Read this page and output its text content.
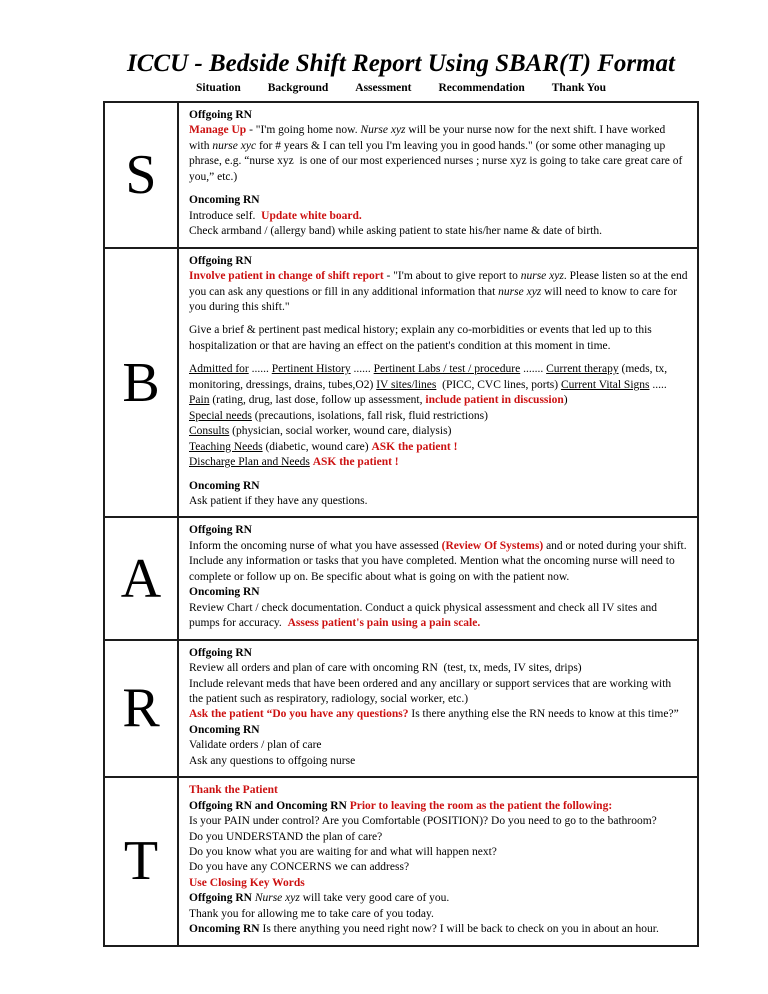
ICCU - Bedside Shift Report Using SBAR(T) Format
Situation Background Assessment Recommendation Thank You
S	Offgoing RN
Manage Up - "I'm going home now. Nurse xyz will be your nurse now for the next shift. I have worked with nurse xyc for # years & I can tell you I'm leaving you in good hands." (or some other managing up phrase, e.g. “nurse xyz  is one of our most experienced nurses ; nurse xyz is going to take care great care of you,” etc.)
Oncoming RN
Introduce self.  Update white board.
Check armband / (allergy band) while asking patient to state his/her name & date of birth.

B	
Offgoing RN
Involve patient in change of shift report - "I'm about to give report to nurse xyz. Please listen so at the end you can ask any questions or fill in any additional information that nurse xyz will need to know to care for you during this shift."
Give a brief & pertinent past medical history; explain any co-morbidities or events that led up to this hospitalization or that are having an effect on the patient's condition at this moment in time.
Admitted for ...... Pertinent History ...... Pertinent Labs / test / procedure ....... Current therapy (meds, tx, monitoring, dressings, drains, tubes,O2) IV sites/lines  (PICC, CVC lines, ports) Current Vital Signs .....  Pain (rating, drug, last dose, follow up assessment, include patient in discussion)
Special needs (precautions, isolations, fall risk, fluid restrictions)
Consults (physician, social worker, wound care, dialysis)
Teaching Needs (diabetic, wound care) ASK the patient !
Discharge Plan and Needs ASK the patient !
Oncoming RN
Ask patient if they have any questions.

A	Offgoing RN
Inform the oncoming nurse of what you have assessed (Review Of Systems) and or noted during your shift. Include any information or tasks that you have completed. Mention what the oncoming nurse will need to complete or follow up on. Be specific about what is going on with the patient now.
Oncoming RN
Review Chart / check documentation. Conduct a quick physical assessment and check all IV sites and pumps for accuracy.  Assess patient's pain using a pain scale.

R	
Offgoing RN
Review all orders and plan of care with oncoming RN  (test, tx, meds, IV sites, drips)
Include relevant meds that have been ordered and any ancillary or support services that are working with the patient such as respiratory, radiology, social worker, etc.)
Ask the patient “Do you have any questions? Is there anything else the RN needs to know at this time?”
Oncoming RN
Validate orders / plan of care
Ask any questions to offgoing nurse

T	
Thank the Patient
Offgoing RN and Oncoming RN Prior to leaving the room as the patient the following:
Is your PAIN under control? Are you Comfortable (POSITION)? Do you need to go to the bathroom?
Do you UNDERSTAND the plan of care?
Do you know what you are waiting for and what will happen next?
Do you have any CONCERNS we can address?
Use Closing Key Words
Offgoing RN Nurse xyz will take very good care of you.
Thank you for allowing me to take care of you today.
Oncoming RN Is there anything you need right now? I will be back to check on you in about an hour.
